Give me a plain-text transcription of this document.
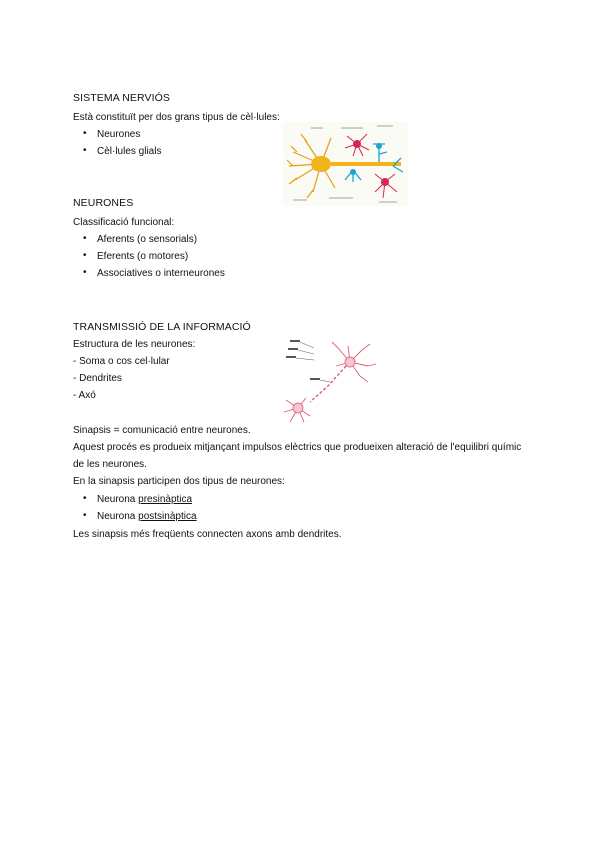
SISTEMA NERVIÓS
Està constituït per dos grans tipus de cèl·lules:
• Neurones
• Cèl·lules glials
NEURONES
Classificació funcional:
• Aferents (o sensorials)
• Eferents (o motores)
• Associatives o interneurones
TRANSMISSIÓ DE LA INFORMACIÓ
Estructura de les neurones:
- Soma o cos cel·lular
- Dendrites
- Axó
Sinapsis = comunicació entre neurones.
Aquest procés es produeix mitjançant impulsos elèctrics que produeixen alteració de l'equilibri químic
de les neurones.
En la sinapsis participen dos tipus de neurones:
• Neurona presinàptica
• Neurona postsinàptica
Les sinapsis més freqüents connecten axons amb dendrites.
